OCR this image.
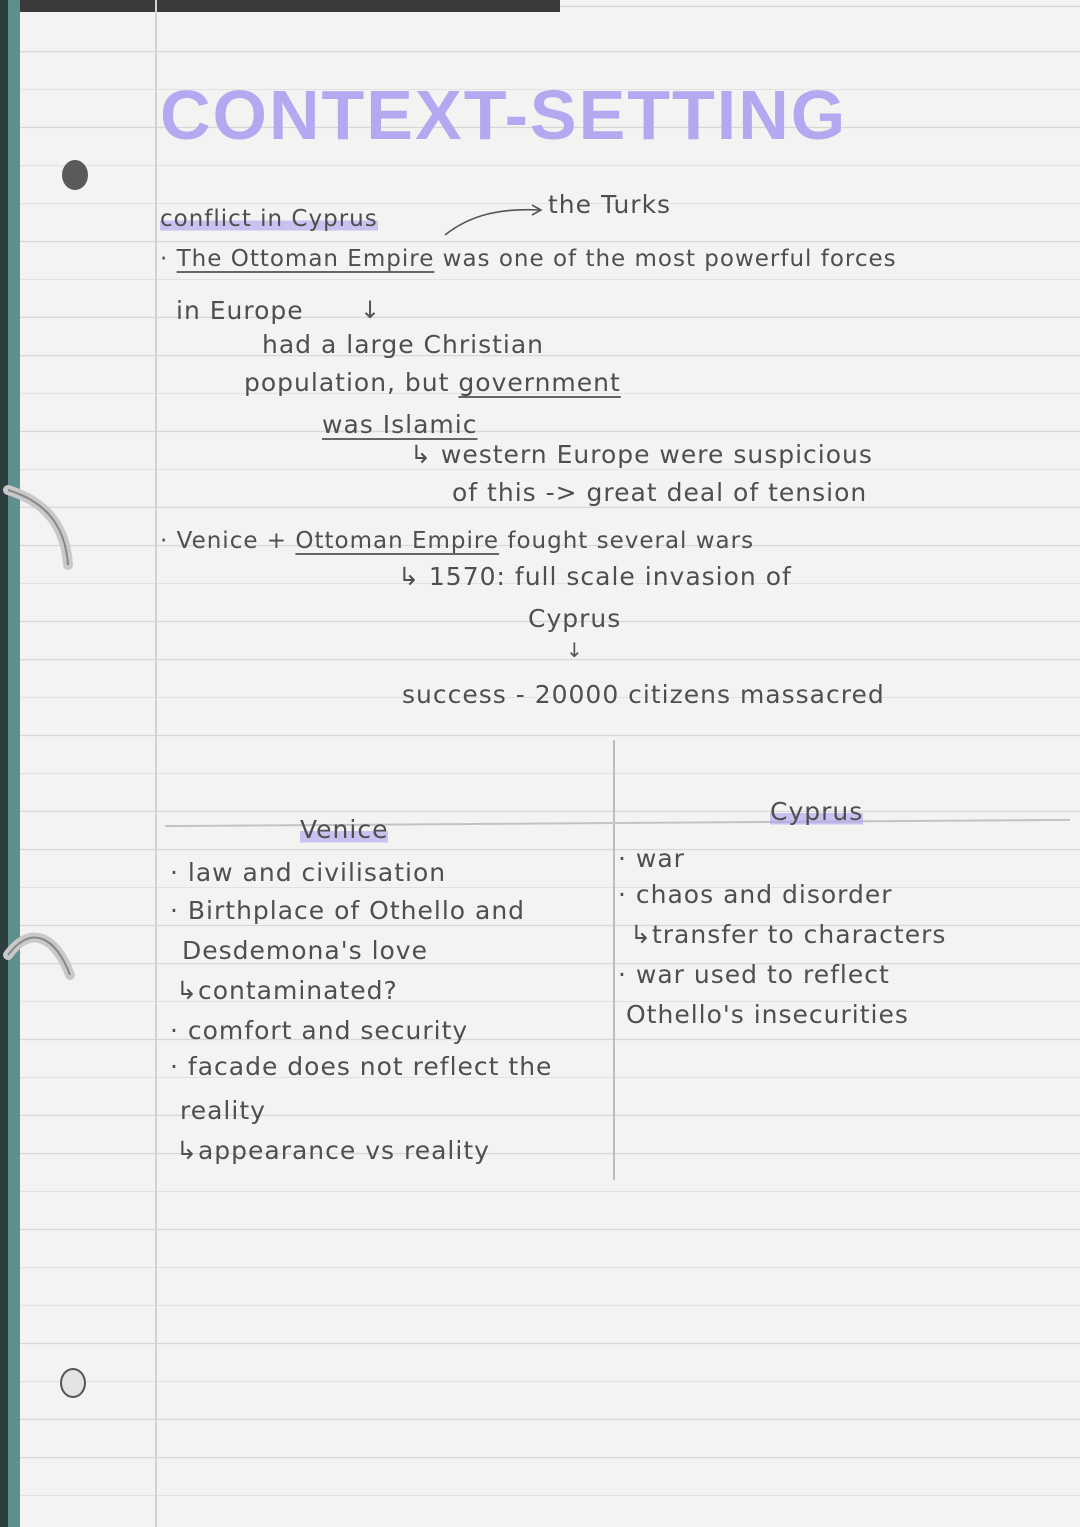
CONTEXT-SETTING
conflict in Cyprus	the Turks
· The Ottoman Empire was one of the most powerful forces
in Europe ↓
had a large Christian
population, but government
was Islamic
↳ western Europe were suspicious
of this -> great deal of tension
· Venice + Ottoman Empire fought several wars
↳ 1570: full scale invasion of
Cyprus
↓
success - 20000 citizens massacred
Venice
Cyprus
· law and civilisation
· Birthplace of Othello and
Desdemona's love
↳contaminated?
· comfort and security
· facade does not reflect the
reality
↳appearance vs reality
· war
· chaos and disorder
↳transfer to characters
· war used to reflect
Othello's insecurities
